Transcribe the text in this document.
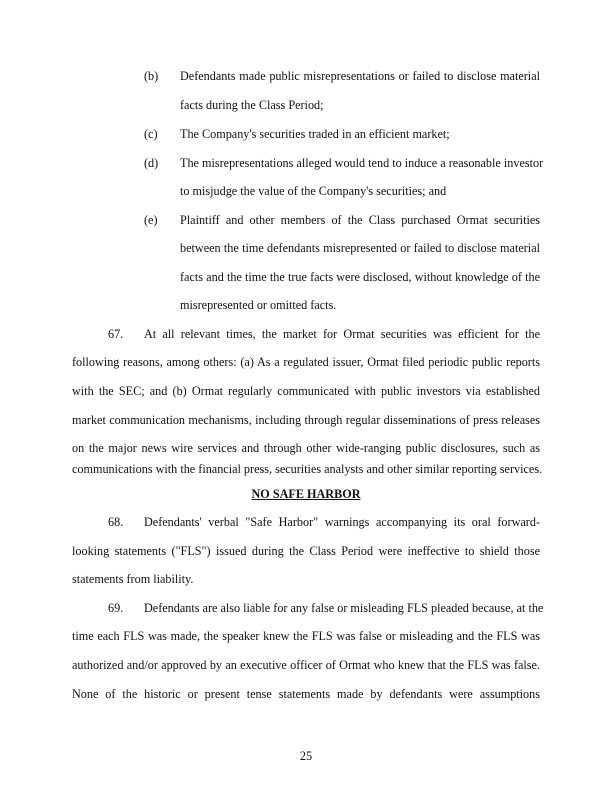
(b) Defendants made public misrepresentations or failed to disclose material
facts during the Class Period;
(c) The Company's securities traded in an efficient market;
(d) The misrepresentations alleged would tend to induce a reasonable investor
to misjudge the value of the Company's securities; and
(e) Plaintiff and other members of the Class purchased Ormat securities
between the time defendants misrepresented or failed to disclose material
facts and the time the true facts were disclosed, without knowledge of the
misrepresented or omitted facts.
67. At all relevant times, the market for Ormat securities was efficient for the
following reasons, among others: (a) As a regulated issuer, Ormat filed periodic public reports
with the SEC; and (b) Ormat regularly communicated with public investors via established
market communication mechanisms, including through regular disseminations of press releases
on the major news wire services and through other wide-ranging public disclosures, such as
communications with the financial press, securities analysts and other similar reporting services.
NO SAFE HARBOR
68. Defendants' verbal "Safe Harbor" warnings accompanying its oral forward-
looking statements ("FLS") issued during the Class Period were ineffective to shield those
statements from liability.
69. Defendants are also liable for any false or misleading FLS pleaded because, at the
time each FLS was made, the speaker knew the FLS was false or misleading and the FLS was
authorized and/or approved by an executive officer of Ormat who knew that the FLS was false.
None of the historic or present tense statements made by defendants were assumptions
25
